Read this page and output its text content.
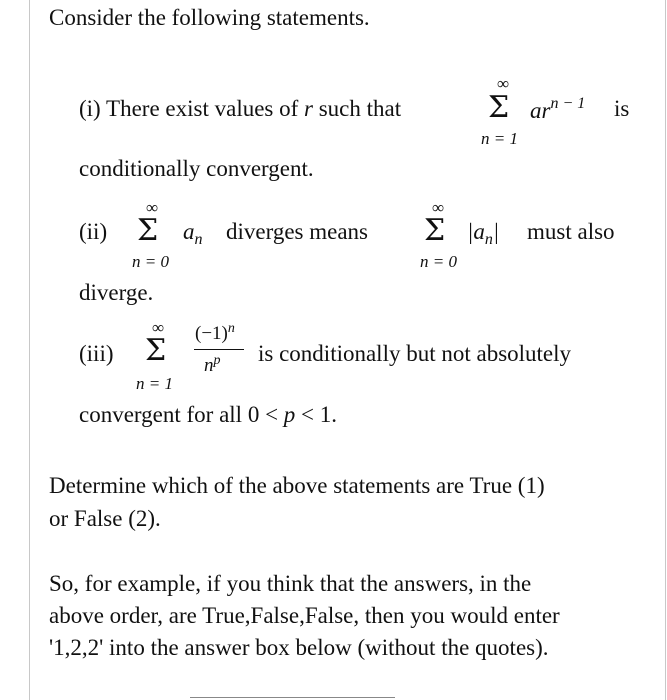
Consider the following statements.
(i) There exist values of r such that
∞
Σ
n = 1
$ar^{n - 1}$ is
conditionally convergent.
(ii)
∞
Σ
n = 0
$a_n$ diverges means
∞
Σ
n = 0
$|a_n|$ must also
diverge.
(iii)
∞
Σ
n = 1
$(-1)^n$
$n^p$ is conditionally but not absolutely
convergent for all 0 < p < 1.
Determine which of the above statements are True (1)
or False (2).
So, for example, if you think that the answers, in the
above order, are True,False,False, then you would enter
'1,2,2' into the answer box below (without the quotes).
